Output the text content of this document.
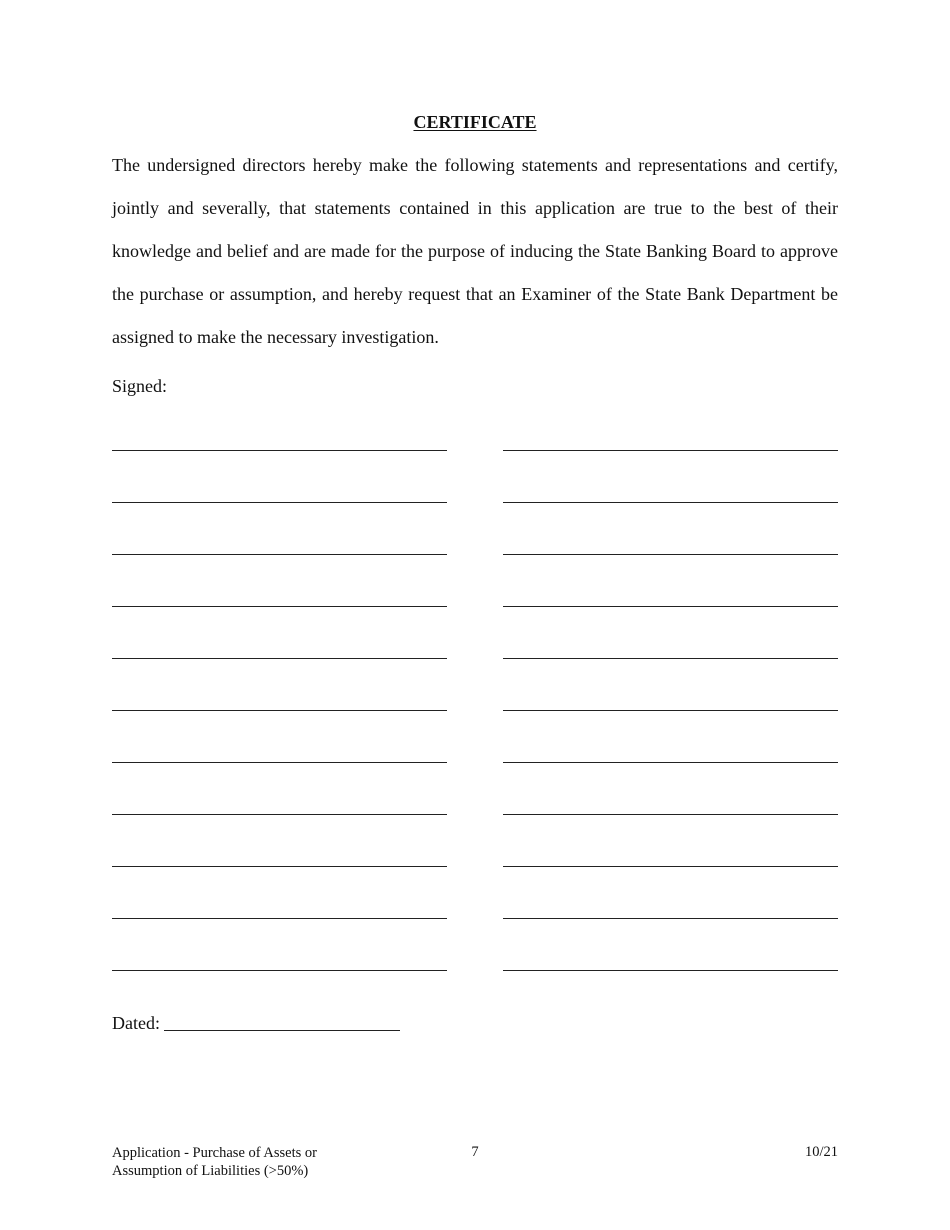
CERTIFICATE

The undersigned directors hereby make the following statements and representations and certify, jointly and severally, that statements contained in this application are true to the best of their knowledge and belief and are made for the purpose of inducing the State Banking Board to approve the purchase or assumption, and hereby request that an Examiner of the State Bank Department be assigned to make the necessary investigation.

Signed:
Dated:
Application - Purchase of Assets or
Assumption of Liabilities (>50%)
7	10/21
